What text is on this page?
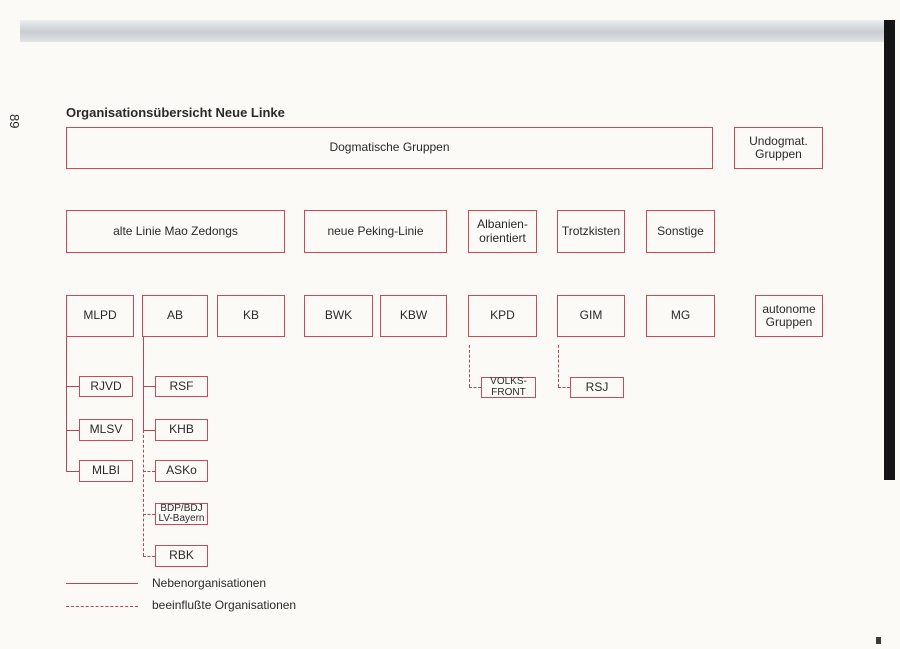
89
Organisationsübersicht Neue Linke
Dogmatische Gruppen	Undogmat. Gruppen
alte Linie Mao Zedongs	neue Peking-Linie	Albanien-orientiert	Trotzkisten	Sonstige
MLPD	AB	KB	BWK	KBW	KPD	GIM	MG	autonome Gruppen
RJVD
MLSV
MLBI
RSF
KHB
ASKo
BDP/BDJ LV-Bayern
RBK
VOLKS-FRONT	RSJ
Nebenorganisationen
beeinflußte Organisationen
